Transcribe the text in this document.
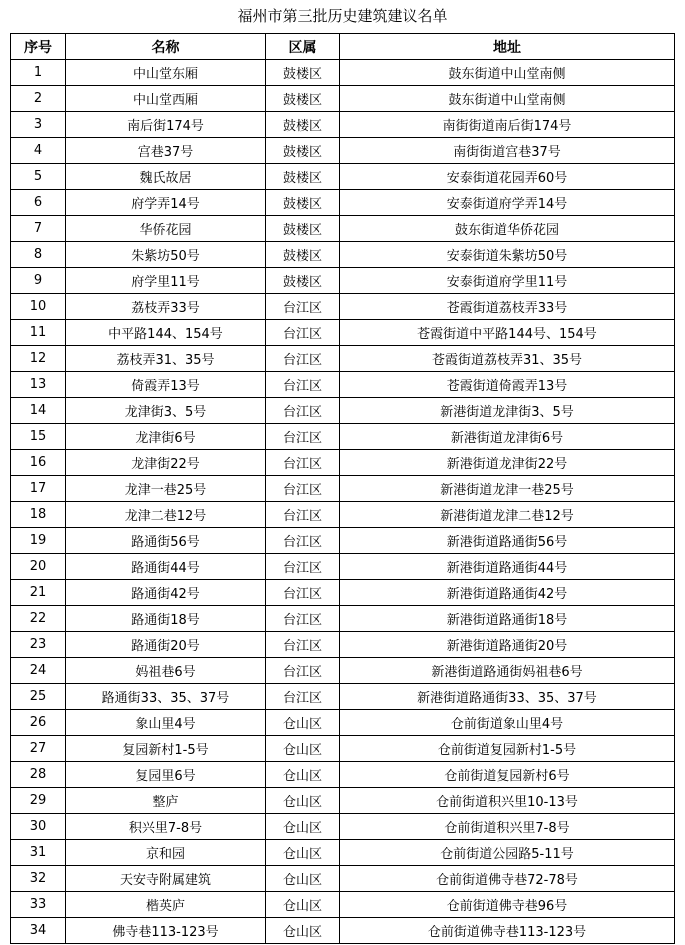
福州市第三批历史建筑建议名单
序号	名称	区属	地址
1	中山堂东厢	鼓楼区	鼓东街道中山堂南侧
2	中山堂西厢	鼓楼区	鼓东街道中山堂南侧
3	南后街174号	鼓楼区	南街街道南后街174号
4	宫巷37号	鼓楼区	南街街道宫巷37号
5	魏氏故居	鼓楼区	安泰街道花园弄60号
6	府学弄14号	鼓楼区	安泰街道府学弄14号
7	华侨花园	鼓楼区	鼓东街道华侨花园
8	朱紫坊50号	鼓楼区	安泰街道朱紫坊50号
9	府学里11号	鼓楼区	安泰街道府学里11号
10	荔枝弄33号	台江区	苍霞街道荔枝弄33号
11	中平路144、154号	台江区	苍霞街道中平路144号、154号
12	荔枝弄31、35号	台江区	苍霞街道荔枝弄31、35号
13	倚霞弄13号	台江区	苍霞街道倚霞弄13号
14	龙津街3、5号	台江区	新港街道龙津街3、5号
15	龙津街6号	台江区	新港街道龙津街6号
16	龙津街22号	台江区	新港街道龙津街22号
17	龙津一巷25号	台江区	新港街道龙津一巷25号
18	龙津二巷12号	台江区	新港街道龙津二巷12号
19	路通街56号	台江区	新港街道路通街56号
20	路通街44号	台江区	新港街道路通街44号
21	路通街42号	台江区	新港街道路通街42号
22	路通街18号	台江区	新港街道路通街18号
23	路通街20号	台江区	新港街道路通街20号
24	妈祖巷6号	台江区	新港街道路通街妈祖巷6号
25	路通街33、35、37号	台江区	新港街道路通街33、35、37号
26	象山里4号	仓山区	仓前街道象山里4号
27	复园新村1-5号	仓山区	仓前街道复园新村1-5号
28	复园里6号	仓山区	仓前街道复园新村6号
29	整庐	仓山区	仓前街道积兴里10-13号
30	积兴里7-8号	仓山区	仓前街道积兴里7-8号
31	京和园	仓山区	仓前街道公园路5-11号
32	天安寺附属建筑	仓山区	仓前街道佛寺巷72-78号
33	楷英庐	仓山区	仓前街道佛寺巷96号
34	佛寺巷113-123号	仓山区	仓前街道佛寺巷113-123号
